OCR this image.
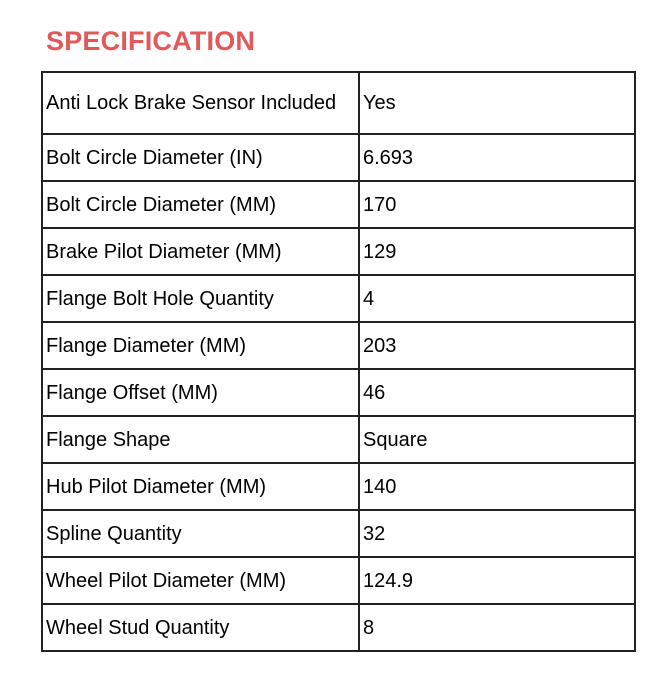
SPECIFICATION
Anti Lock Brake Sensor Included	Yes
Bolt Circle Diameter (IN)	6.693
Bolt Circle Diameter (MM)	170
Brake Pilot Diameter (MM)	129
Flange Bolt Hole Quantity	4
Flange Diameter (MM)	203
Flange Offset (MM)	46
Flange Shape	Square
Hub Pilot Diameter (MM)	140
Spline Quantity	32
Wheel Pilot Diameter (MM)	124.9
Wheel Stud Quantity	8
